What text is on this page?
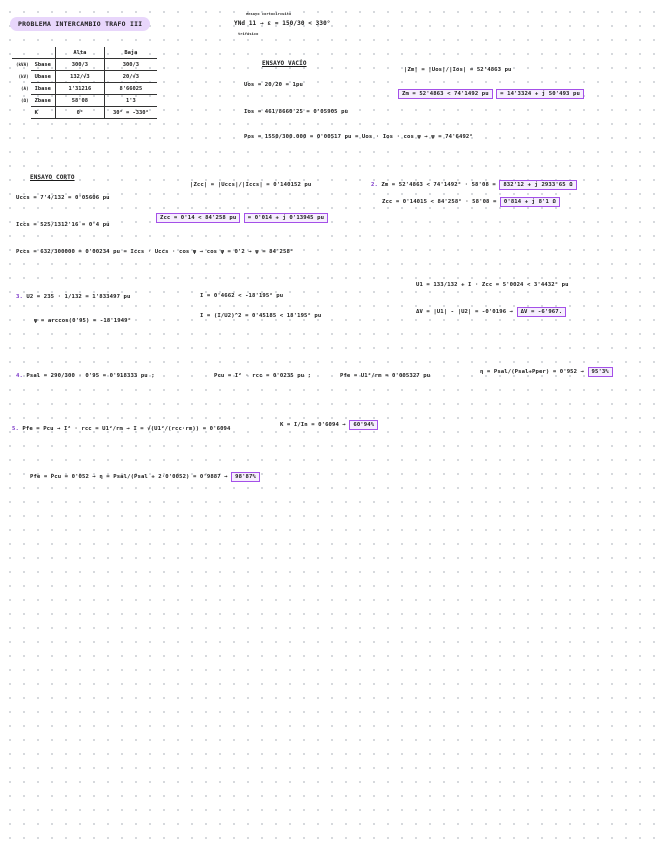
PROBLEMA INTERCAMBIO TRAFO III
ensayo cortocircuito
YNd 11 → ε = 150/30 < 330°
trifásico
		Alta	Baja
(kVA)	Sbase	300/3	300/3
(kV)	Ubase	132/√3	20/√3
(A)	Ibase	1'31216	8'66025
(Ω)	Zbase	58'08	1'3
	K	0°	30° = -330°
ENSAYO VACÍO
Uos = 20/20 = 1pu
Ios = 461/8660'25 = 0'05905 pu
Pos = 1550/300.000 = 0'00517 pu = Uos · Ios · cos ψ → ψ = 74'6492°
|Zm| = |Uos|/|Ios| = 52'4863 pu
Zm = 52'4863 < 74'1492 pu = 14'3324 + j 50'493 pu
ENSAYO CORTO
Uccs = 7'4/132 = 0'05606 pu
Iccs = 525/1312'16 = 0'4 pu
Pccs = 632/300000 = 0'00234 pu = Iccs · Uccs · cos ψ → cos ψ = 0'2 → ψ = 84'258°
|Zcc| = |Uccs|/|Iccs| = 0'140152 pu
Zcc = 0'14 < 84'258 pu = 0'014 + j 0'13945 pu
2. Zm = 52'4863 < 74'1492° · 58'08 = 832'12 + j 2933'65 Ω
Zcc = 0'14015 < 84'258° · 58'08 = 0'814 + j 8'1 Ω
3. U2 = 235 · 1/132 = 1'833497 pu
ψ = arccos(0'95) = -18'1949°
I = 0'4662 < -18'195° pu
I = (I/U2)^2 = 0'45185 < 18'195° pu
U1 = 133/132 + I · Zcc = 5'0024 < 3'4432° pu
ΔV = |U1| - |U2| = -0'0196 → ΔV = -6'967.
4. Psal = 290/300 · 0'95 = 0'918333 pu ;	Pcu = I² · rcc = 0'0235 pu ;	Pfe = U1²/rm = 0'005327 pu
η = Psal/(Psal+Pper) = 0'952 → 95'3%
5. Pfe = Pcu → I² · rcc = U1²/rm → I = √(U1²/(rcc·rm)) = 0'6094
K = I/In = 0'6094 → 60'94%
Pfe = Pcu = 0'052 → η = Psal/(Psal + 2·0'0052) = 0'9887 → 98'87%
